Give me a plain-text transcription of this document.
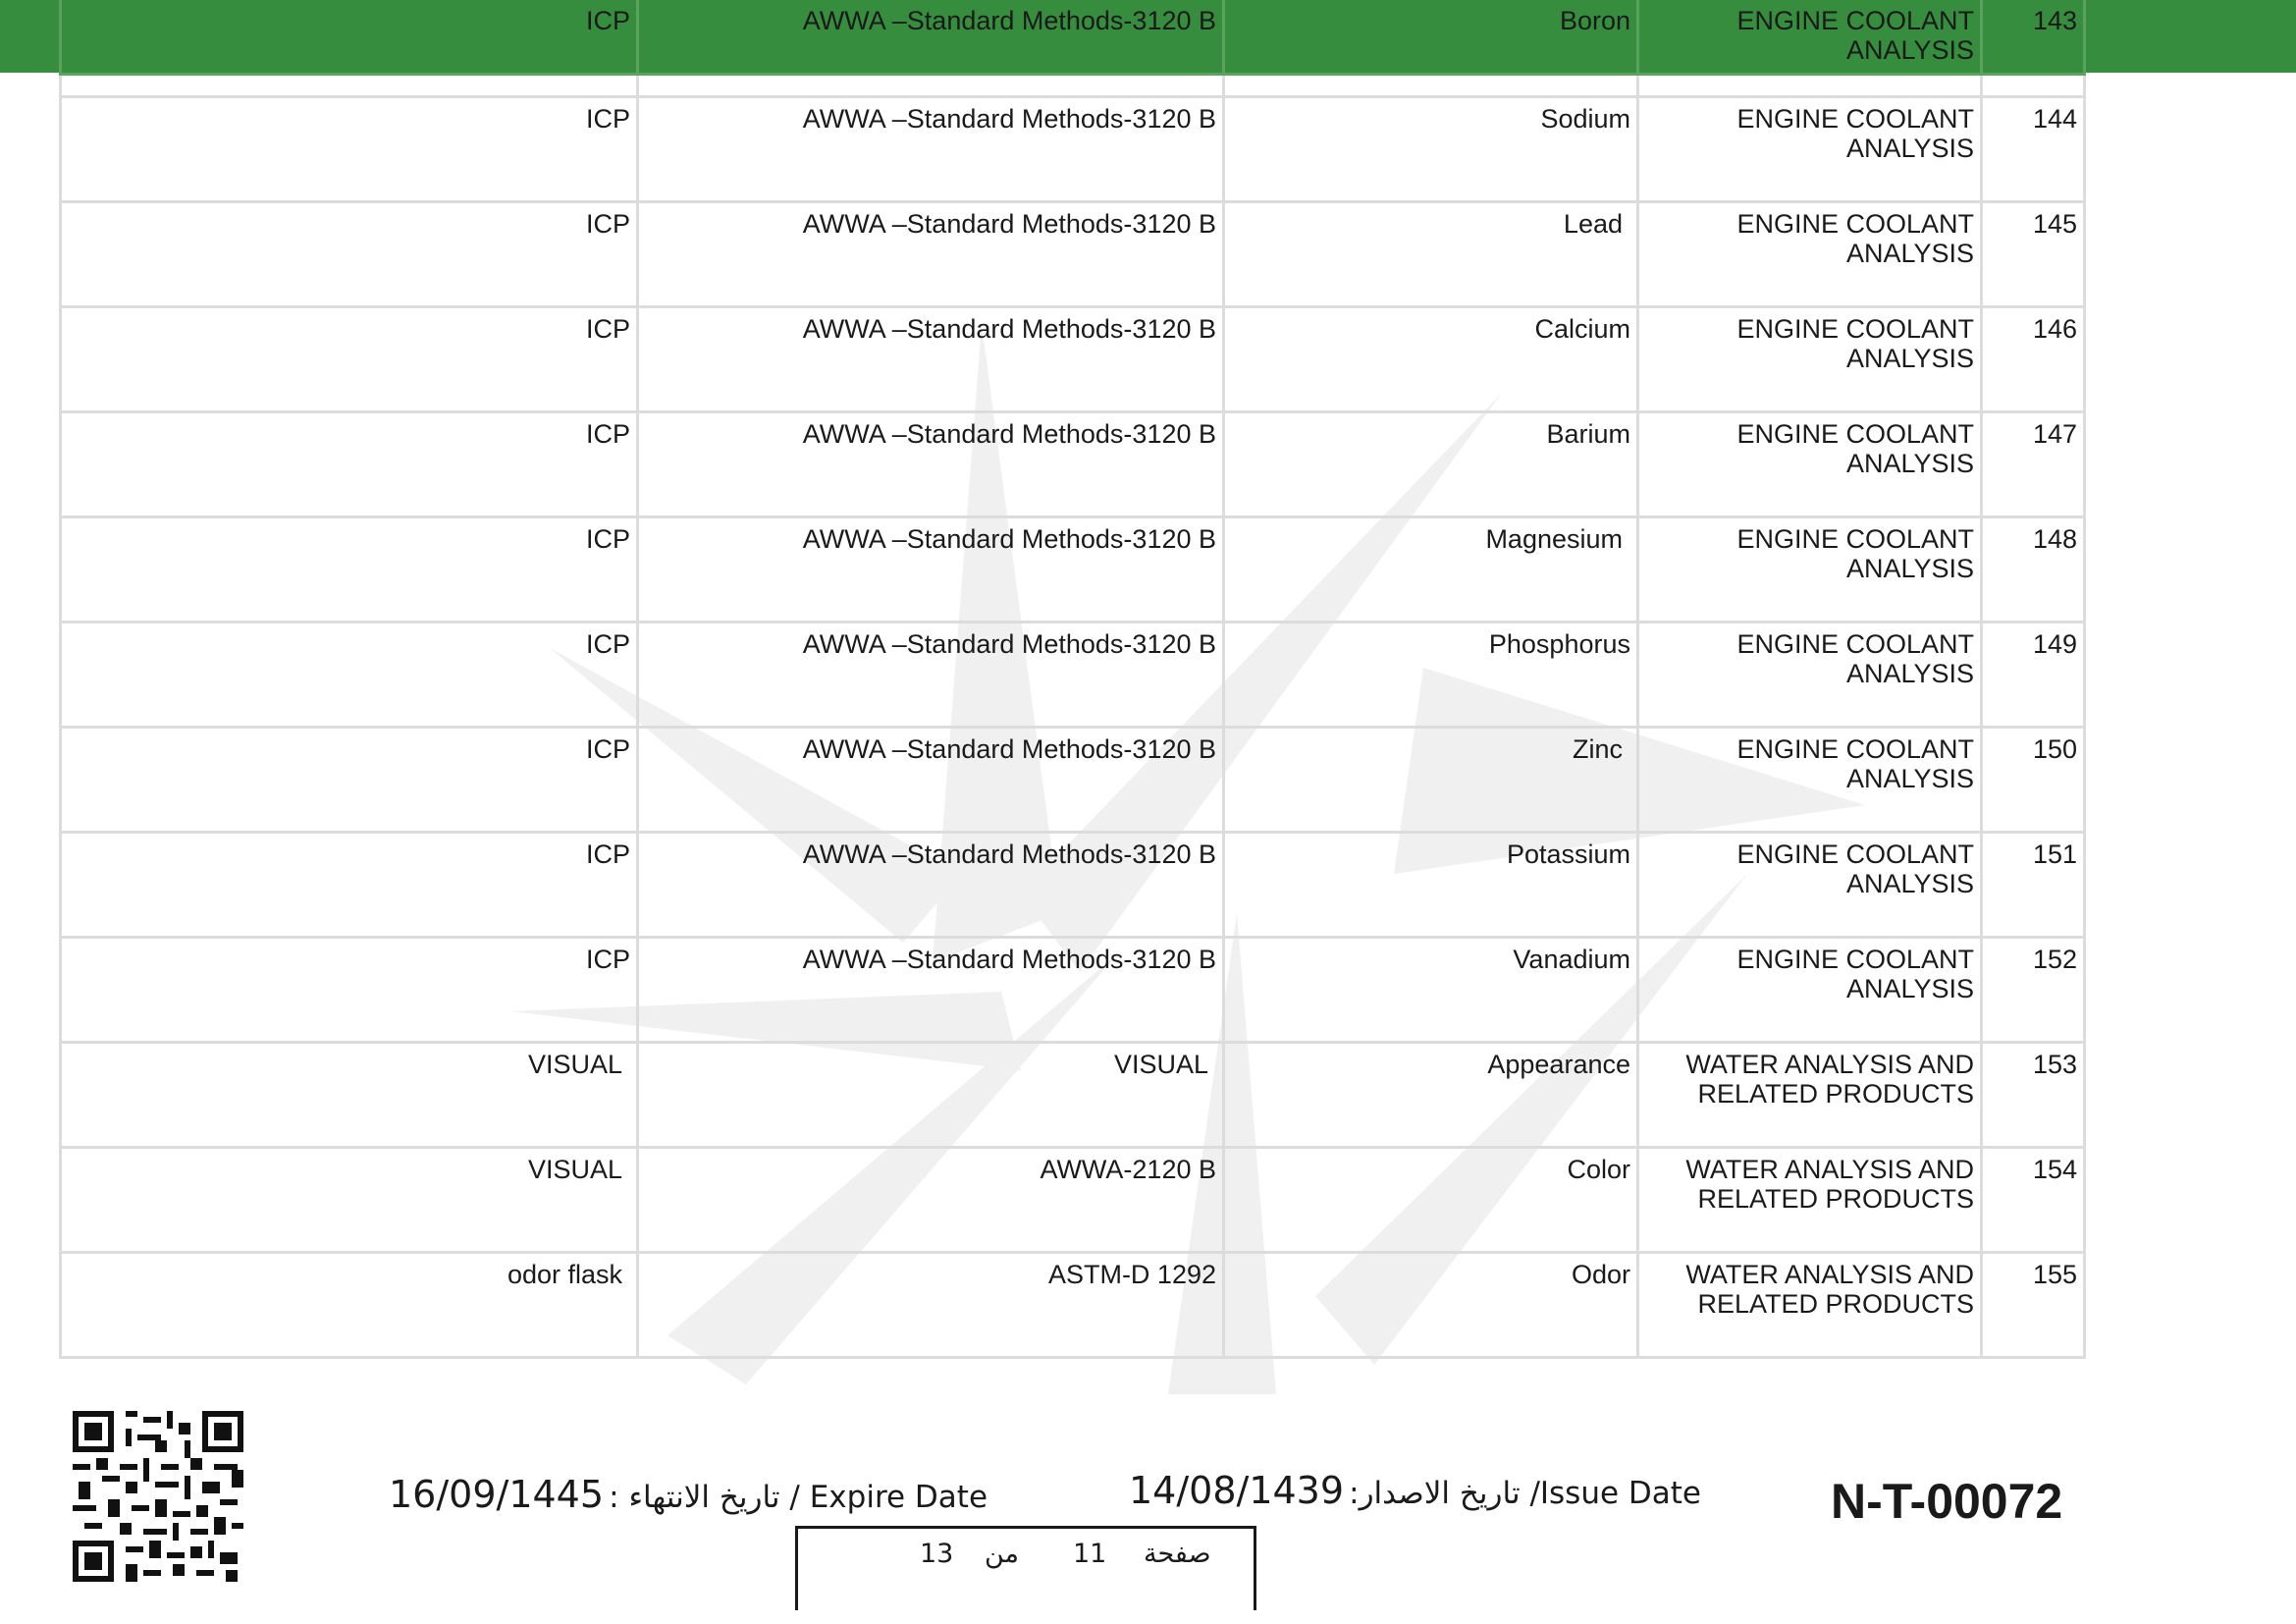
ICP	AWWA –Standard Methods-3120 B	Boron	ENGINE COOLANT ANALYSIS	143

ICP	AWWA –Standard Methods-3120 B	Sodium	ENGINE COOLANT ANALYSIS	144
ICP	AWWA –Standard Methods-3120 B	Lead	ENGINE COOLANT ANALYSIS	145
ICP	AWWA –Standard Methods-3120 B	Calcium	ENGINE COOLANT ANALYSIS	146
ICP	AWWA –Standard Methods-3120 B	Barium	ENGINE COOLANT ANALYSIS	147
ICP	AWWA –Standard Methods-3120 B	Magnesium	ENGINE COOLANT ANALYSIS	148
ICP	AWWA –Standard Methods-3120 B	Phosphorus	ENGINE COOLANT ANALYSIS	149
ICP	AWWA –Standard Methods-3120 B	Zinc	ENGINE COOLANT ANALYSIS	150
ICP	AWWA –Standard Methods-3120 B	Potassium	ENGINE COOLANT ANALYSIS	151
ICP	AWWA –Standard Methods-3120 B	Vanadium	ENGINE COOLANT ANALYSIS	152
VISUAL	VISUAL	Appearance	WATER ANALYSIS AND RELATED PRODUCTS	153
VISUAL	AWWA-2120 B	Color	WATER ANALYSIS AND RELATED PRODUCTS	154
odor flask	ASTM-D 1292	Odor	WATER ANALYSIS AND RELATED PRODUCTS	155
16/09/1445 : تاريخ الانتهاء / Expire Date	14/08/1439 :تاريخ الاصدار /Issue Date	N-T-00072
13 من 11 صفحة
